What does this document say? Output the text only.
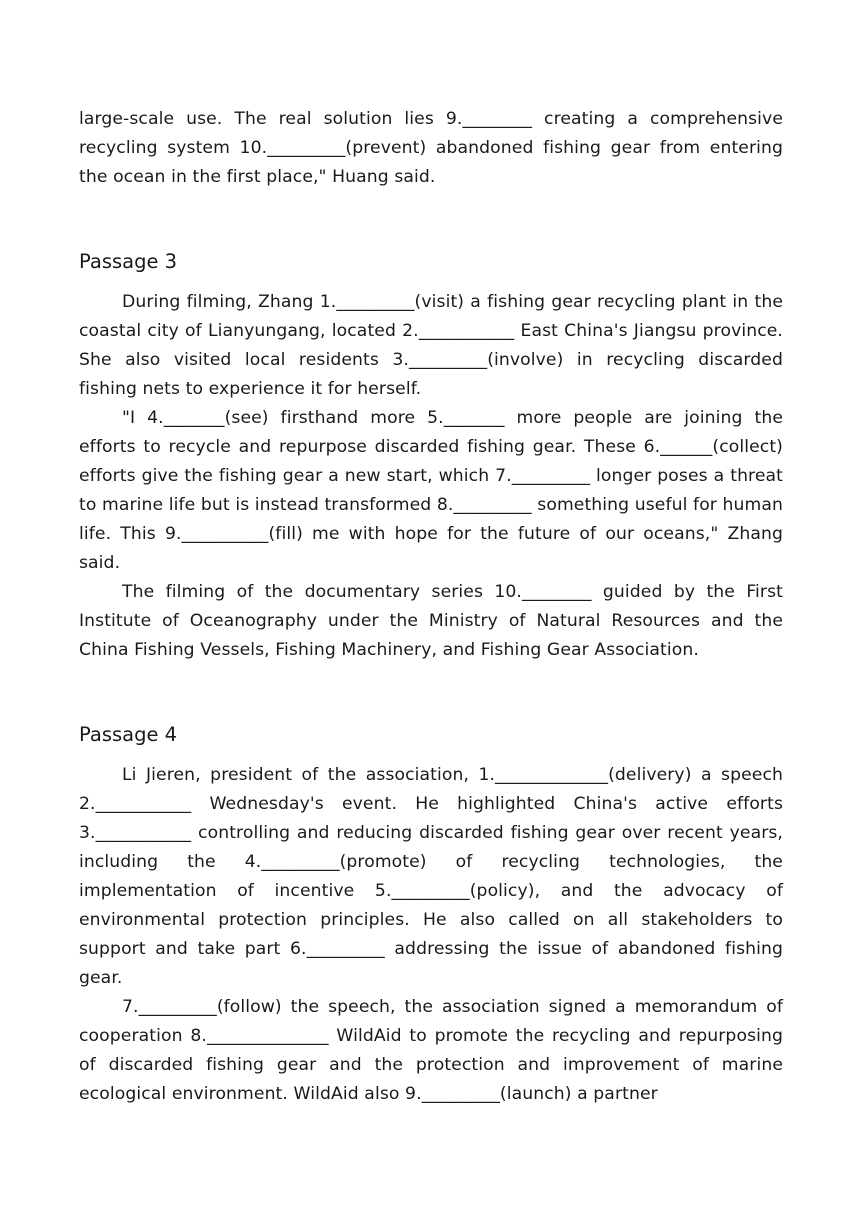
large-scale use. The real solution lies 9.________ creating a comprehensive recycling system 10._________(prevent) abandoned fishing gear from entering the ocean in the first place," Huang said.

Passage 3

During filming, Zhang 1._________(visit) a fishing gear recycling plant in the coastal city of Lianyungang, located 2.___________ East China's Jiangsu province. She also visited local residents 3._________(involve) in recycling discarded fishing nets to experience it for herself.

"I 4._______(see) firsthand more 5._______ more people are joining the efforts to recycle and repurpose discarded fishing gear. These 6.______(collect) efforts give the fishing gear a new start, which 7._________ longer poses a threat to marine life but is instead transformed 8._________ something useful for human life. This 9.__________(fill) me with hope for the future of our oceans," Zhang said.

The filming of the documentary series 10.________ guided by the First Institute of Oceanography under the Ministry of Natural Resources and the China Fishing Vessels, Fishing Machinery, and Fishing Gear Association.

Passage 4

Li Jieren, president of the association, 1._____________(delivery) a speech 2.___________ Wednesday's event. He highlighted China's active efforts 3.___________ controlling and reducing discarded fishing gear over recent years, including the 4._________(promote) of recycling technologies, the implementation of incentive 5._________(policy), and the advocacy of environmental protection principles. He also called on all stakeholders to support and take part 6._________ addressing the issue of abandoned fishing gear.

7._________(follow) the speech, the association signed a memorandum of cooperation 8.______________ WildAid to promote the recycling and repurposing of discarded fishing gear and the protection and improvement of marine ecological environment. WildAid also 9._________(launch) a partner
